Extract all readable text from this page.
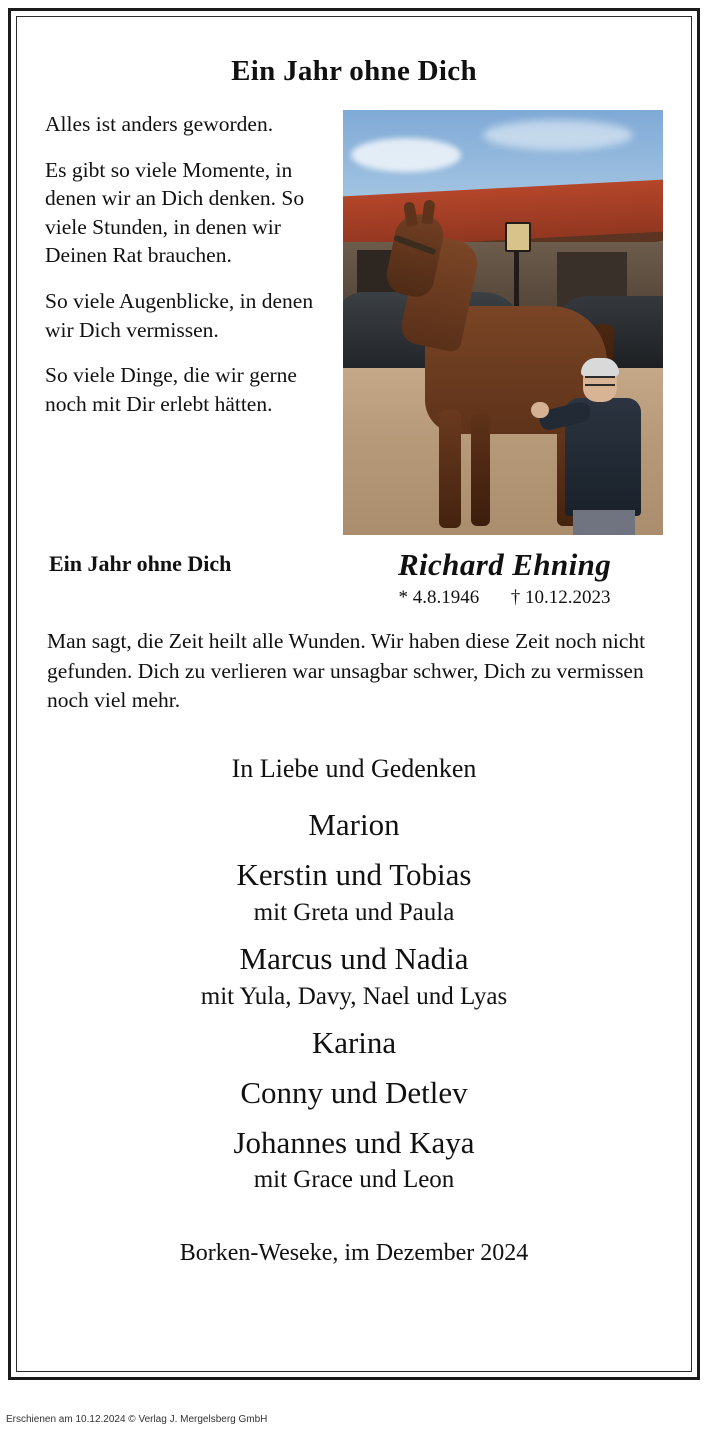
Ein Jahr ohne Dich

Alles ist anders geworden.

Es gibt so viele Momente, in denen wir an Dich denken. So viele Stunden, in denen wir Deinen Rat brauchen.

So viele Augenblicke, in denen wir Dich vermissen.

So viele Dinge, die wir gerne noch mit Dir erlebt hätten.

Ein Jahr ohne Dich	Richard Ehning
* 4.8.1946 † 10.12.2023
Man sagt, die Zeit heilt alle Wunden. Wir haben diese Zeit noch nicht gefunden. Dich zu verlieren war unsagbar schwer, Dich zu vermissen noch viel mehr.
In Liebe und Gedenken
Marion
Kerstin und Tobias
mit Greta und Paula
Marcus und Nadia
mit Yula, Davy, Nael und Lyas
Karina
Conny und Detlev
Johannes und Kaya
mit Grace und Leon
Borken-Weseke, im Dezember 2024
Erschienen am 10.12.2024 © Verlag J. Mergelsberg GmbH
